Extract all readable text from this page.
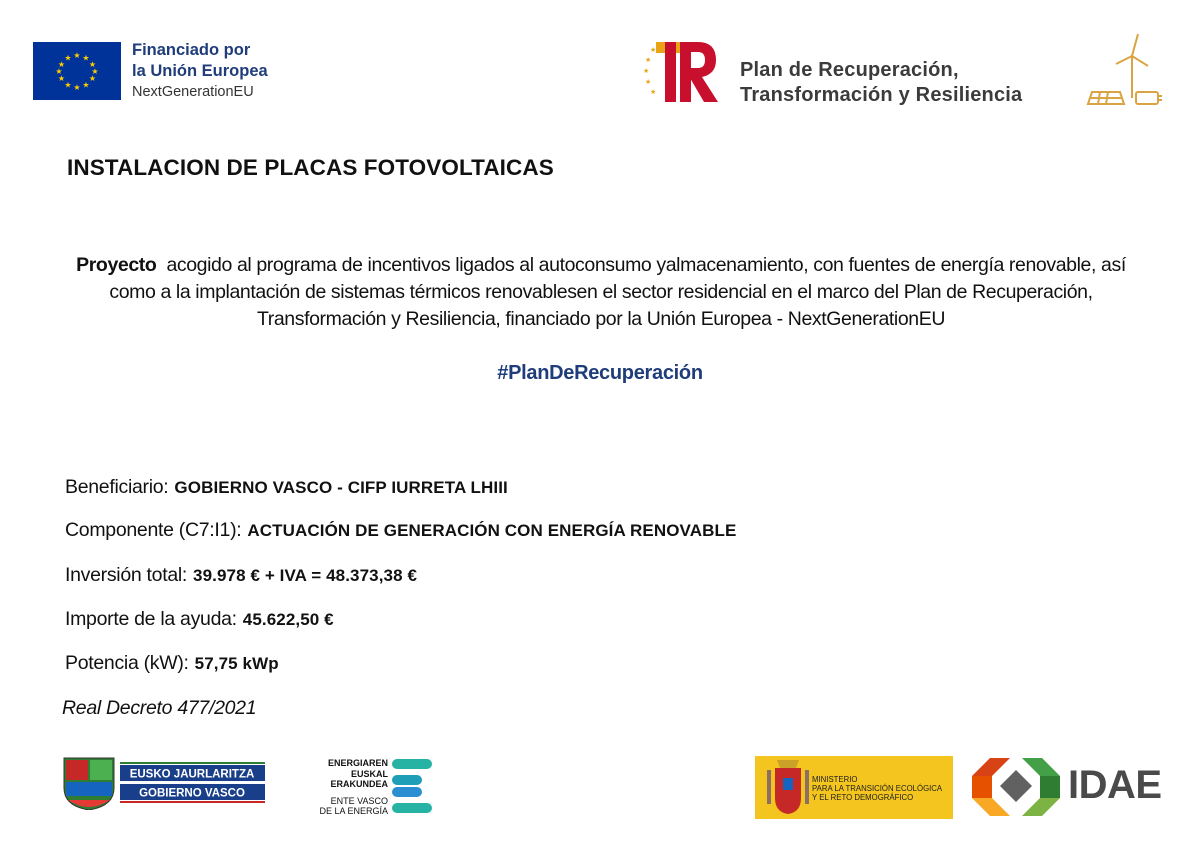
★ ★
★
★
★
★
★
★
★
★
★
★	Financiado por
la Unión Europea
NextGenerationEU
★
★
★
★
★
Plan de Recuperación,
Transformación y Resiliencia
INSTALACION DE PLACAS FOTOVOLTAICAS
Proyecto acogido al programa de incentivos ligados al autoconsumo yalmacenamiento, con fuentes de energía renovable, así como a la implantación de sistemas térmicos renovablesen el sector residencial en el marco del Plan de Recuperación, Transformación y Resiliencia, financiado por la Unión Europea - NextGenerationEU
#PlanDeRecuperación
Beneficiario: GOBIERNO VASCO - CIFP IURRETA LHIII
Componente (C7:I1): ACTUACIÓN DE GENERACIÓN CON ENERGÍA RENOVABLE
Inversión total: 39.978 € + IVA = 48.373,38 €
Importe de la ayuda: 45.622,50 €
Potencia (kW): 57,75 kWp
Real Decreto 477/2021
EUSKO JAURLARITZA
GOBIERNO VASCO
ENERGIAREN
EUSKAL ERAKUNDEA
ENTE VASCO
DE LA ENERGÍA
MINISTERIO
PARA LA TRANSICIÓN ECOLÓGICA
Y EL RETO DEMOGRÁFICO	IDAE
